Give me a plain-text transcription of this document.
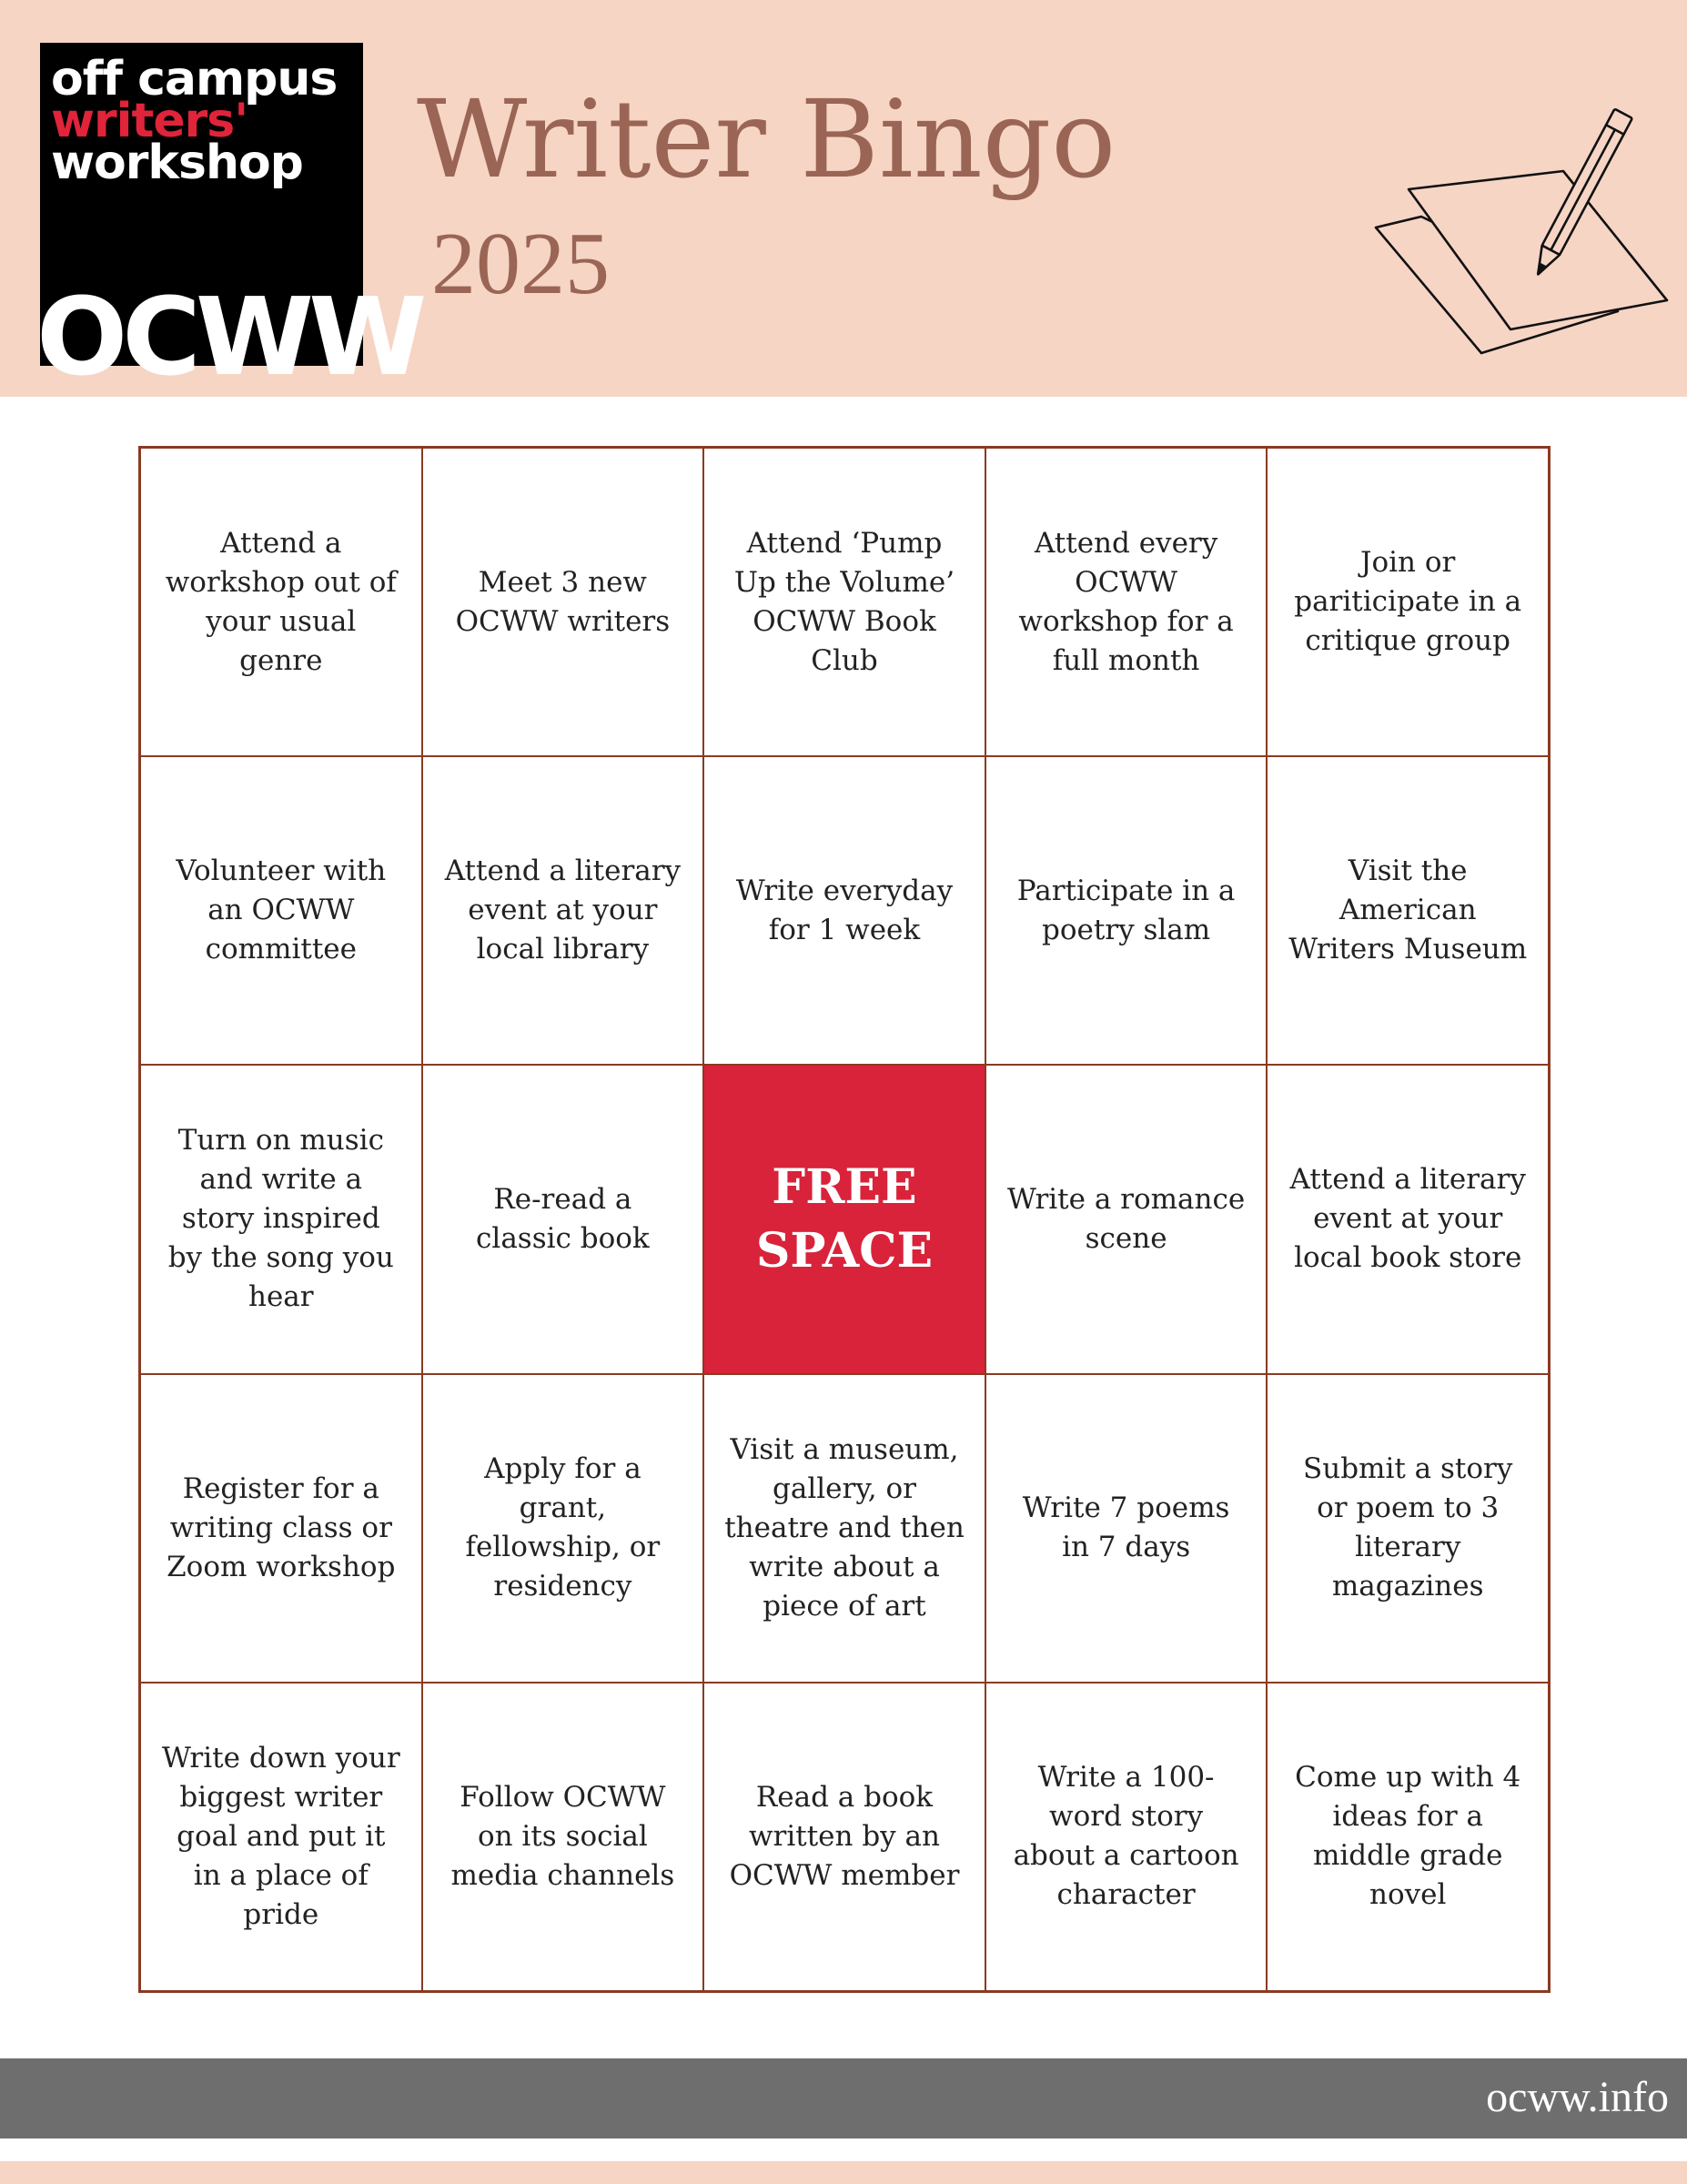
off campus
writers'
workshop
OCWW
Writer Bingo
2025
Attend a workshop out of your usual genre
Meet 3 new OCWW writers
Attend ‘Pump Up the Volume’ OCWW Book Club
Attend every OCWW workshop for a full month
Join or pariticipate in a critique group
Volunteer with an OCWW committee
Attend a literary event at your local library
Write everyday for 1 week
Participate in a poetry slam
Visit the American Writers Museum
Turn on music and write a story inspired by the song you hear
Re-read a classic book
FREE SPACE
Write a romance scene
Attend a literary event at your local book store
Register for a writing class or Zoom workshop
Apply for a grant, fellowship, or residency
Visit a museum, gallery, or theatre and then write about a piece of art
Write 7 poems in 7 days
Submit a story or poem to 3 literary magazines
Write down your biggest writer goal and put it in a place of pride
Follow OCWW on its social media channels
Read a book written by an OCWW member
Write a 100-word story about a cartoon character
Come up with 4 ideas for a middle grade novel
ocww.info
